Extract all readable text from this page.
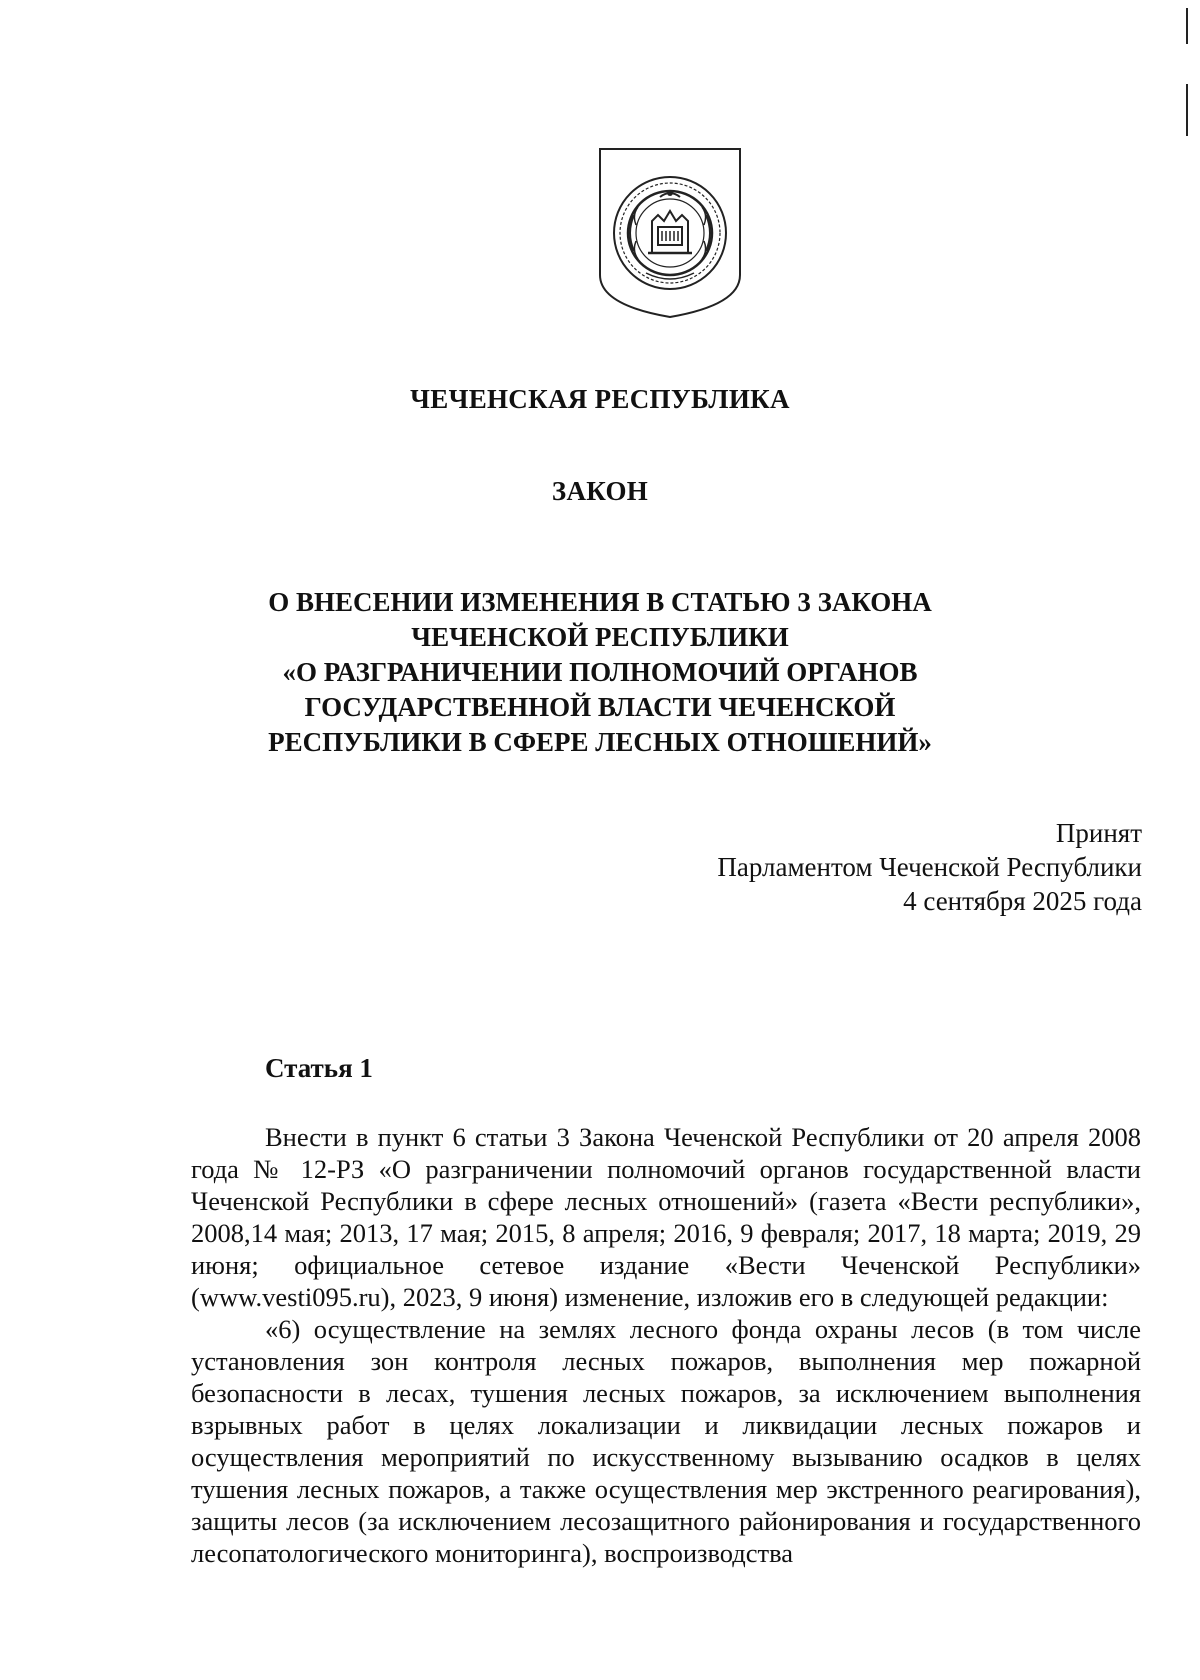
ЧЕЧЕНСКАЯ РЕСПУБЛИКА
ЗАКОН
О ВНЕСЕНИИ ИЗМЕНЕНИЯ В СТАТЬЮ 3 ЗАКОНА
ЧЕЧЕНСКОЙ РЕСПУБЛИКИ
«О РАЗГРАНИЧЕНИИ ПОЛНОМОЧИЙ ОРГАНОВ
ГОСУДАРСТВЕННОЙ ВЛАСТИ ЧЕЧЕНСКОЙ
РЕСПУБЛИКИ В СФЕРЕ ЛЕСНЫХ ОТНОШЕНИЙ»
Принят
Парламентом Чеченской Республики
4 сентября 2025 года
Статья 1

Внести в пункт 6 статьи 3 Закона Чеченской Республики от 20 апреля 2008 года № 12-РЗ «О разграничении полномочий органов государственной власти Чеченской Республики в сфере лесных отношений» (газета «Вести республики», 2008,14 мая; 2013, 17 мая; 2015, 8 апреля; 2016, 9 февраля; 2017, 18 марта; 2019, 29 июня; официальное сетевое издание «Вести Чеченской Республики» (www.vesti095.ru), 2023, 9 июня) изменение, изложив его в следующей редакции:

«6) осуществление на землях лесного фонда охраны лесов (в том числе установления зон контроля лесных пожаров, выполнения мер пожарной безопасности в лесах, тушения лесных пожаров, за исключением выполнения взрывных работ в целях локализации и ликвидации лесных пожаров и осуществления мероприятий по искусственному вызыванию осадков в целях тушения лесных пожаров, а также осуществления мер экстренного реагирования), защиты лесов (за исключением лесозащитного районирования и государственного лесопатологического мониторинга), воспроизводства
